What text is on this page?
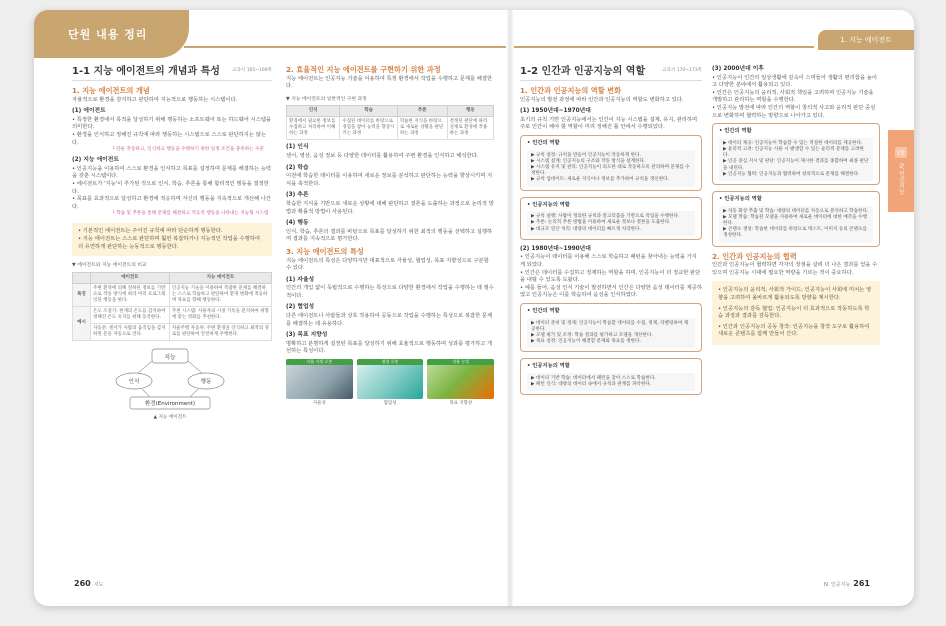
단원 내용 정리	1. 지능 에이전트
I장
IV 인공지능
1-1 지능 에이전트의 개념과 특성	교과서 165~169쪽
1. 지능 에이전트의 개념
자율적으로 환경을 감지하고 판단하여 지능적으로 행동하는 시스템이다.
(1) 에이전트
• 특정한 환경에서 목적을 달성하기 위해 행동하는 소프트웨어 또는 하드웨어 시스템을 의미한다.
• 환경을 인식하고 정해진 규칙에 따라 행동하는 시스템으로 스스로 판단하지는 않는다.
└ 단순 작동하고, 인식하고 행동을 수행하기 위한 일정 조건을 충족하는 수준
(2) 지능 에이전트
• 인공지능을 이용하여 스스로 환경을 인식하고 목표를 설정하며 문제를 해결하는 능력을 갖춘 시스템이다.
• 에이전트가 '지능'이 추가된 것으로 인식, 학습, 추론을 통해 합리적인 행동을 결정한다.
• 목표를 효과적으로 달성하고 환경에 적응하며 자신의 행동을 지속적으로 개선해 나간다.
└ 학습 및 추론을 통해 문제를 해결하고 적응적 행동을 나타내는 지능형 시스템
• 기본적인 에이전트는 주어진 규칙에 따라 단순하게 행동한다.
• 지능 에이전트는 스스로 판단하며 훨씬 복잡하거나 지능적인 작업을 수행하여 더 유연하게 판단하는 능동적으로 행동한다.
▼ 에이전트와 지능 에이전트의 비교
	에이전트	지능 에이전트
특징	주변 환경에 의해 전하된 정보를 기반으로 작동 방식에 따라 미리 프로그래밍된 행동을 한다.	인공지능 기술을 이용하여 복잡한 문제를 해결하는 스스로 학습하고 판단하여 환경 변화에 적응하며 목표를 향해 행동한다.
예시	온도 조절기: 현재의 온도를 감지하여 정해진 온도 유지를 위해 동작한다.	추천 시스템: 사용자의 시청 기록을 분석하여 취향에 맞는 영화를 추천한다.
	자동문: 센서가 사람의 움직임을 감지하면 문을 자동으로 연다.	자율주행 자동차: 주변 환경을 인식하고 최적의 경로를 판단하여 안전하게 주행한다.
지능
인식	행동
환경(Environment)
▲ 지능 에이전트
2. 효율적인 지능 에이전트를 구현하기 위한 과정
지능 에이전트는 인공지능 기술을 이용하여 특정 환경에서 작업을 수행하고 문제를 해결한다.
▼ 지능 에이전트의 일반적인 구현 과정
인식	학습	추론	행동
환경에서 필요한 정보를 수집하고 처리하여 이해하는 과정	수집된 데이터를 바탕으로 경험을 쌓아 능력을 향상시키는 과정	학습한 지식을 바탕으로 새로운 상황을 판단하는 과정	결정된 판단에 따라 실제로 환경에 작용하는 과정
(1) 인식
센서, 영상, 음성 정보 등 다양한 데이터를 활용하여 주변 환경을 인식하고 해석한다.
(2) 학습
이전에 학습한 데이터를 이용하여 새로운 정보를 분석하고 판단하는 능력을 향상시키며 지식을 축적한다.
(3) 추론
학습한 지식을 기반으로 새로운 상황에 대해 판단하고 결론을 도출하는 과정으로 논리적 방법과 확률적 방법이 사용된다.
(4) 행동
인식, 학습, 추론의 결과를 바탕으로 목표를 달성하기 위한 최적의 행동을 선택하고 실행하며 결과를 지속적으로 평가한다.
3. 지능 에이전트의 특성
지능 에이전트의 특성은 다양하지만 대표적으로 자율성, 협업성, 목표 지향성으로 구분할 수 있다.
(1) 자율성
인간의 개입 없이 독립적으로 수행하는 특성으로 다양한 환경에서 작업을 수행하는 데 필수적이다.
(2) 협업성
다른 에이전트나 사람들과 상호 작용하여 공동으로 작업을 수행하는 특성으로 복잡한 문제를 해결하는 데 유용하다.
(3) 목표 지향성
명확하고 분명하게 설정된 목표를 달성하기 위해 효율적으로 행동하며 성과를 평가하고 개선하는 특성이다.
자율 서빙 로봇
자율성
협업 로봇
협업성
자율 농업
목표 지향성
1-2 인간과 인공지능의 역할	교과서 170~173쪽
1. 인간과 인공지능의 역할 변화
인공지능의 발전 과정에 따라 인간과 인공지능의 역할도 변화하고 있다.
(1) 1950년대~1970년대
초기의 규칙 기반 인공지능에서는 인간이 지능 시스템을 설계, 유지, 관리하며 주로 인간이 해야 할 역할이 미리 정해진 틀 안에서 수행되었다.
• 인간의 역할
▶ 규칙 설정: 규칙을 만들어 인공지능이 작동하게 한다.
▶ 시스템 설계: 인공지능의 구조와 작동 방식을 설계한다.
▶ 시스템 유지 및 관리: 인공지능이 의도한 대로 작동하도록 관리하며 문제를 수정한다.
▶ 규칙 업데이트: 새로운 지식이나 정보를 추가하여 규칙을 갱신한다.
• 인공지능의 역할
▶ 규칙 실행: 사람이 정의한 규칙과 알고리즘을 기반으로 작업을 수행한다.
▶ 추론: 논리적 추론 방법을 이용하여 새로운 정보나 결론을 도출한다.
▶ 대규모 연산 처리: 대량의 데이터를 빠르게 처리한다.
(2) 1980년대~1990년대
• 인공지능이 데이터를 이용해 스스로 학습하고 패턴을 찾아내는 능력을 가지게 되었다.
• 인간은 데이터를 수집하고 정제하는 역할을 하며, 인공지능이 더 정교한 판단을 내릴 수 있도록 도왔다.
• 예를 들어, 음성 인식 기술이 발전하면서 인간은 다양한 음성 데이터를 제공하였고 인공지능은 이를 학습하여 음성을 인식하였다.
• 인간의 역할
▶ 데이터 준비 및 정제: 인공지능이 학습할 데이터를 수집, 정제, 라벨링하여 제공한다.
▶ 모델 평가 및 조정: 학습 결과를 평가하고 모델을 개선한다.
▶ 목표 설정: 인공지능이 해결할 문제와 목표를 정한다.
• 인공지능의 역할
▶ 데이터 기반 학습: 데이터에서 패턴을 찾아 스스로 학습한다.
▶ 패턴 인식: 대량의 데이터 속에서 규칙과 관계를 파악한다.
(3) 2000년대 이후
• 인공지능이 인간의 일상생활에 깊숙이 스며들어 생활의 편리함을 높이고 다양한 분야에서 활용되고 있다.
• 인간은 인공지능의 윤리적, 사회적 책임을 고려하며 인공지능 기술을 개발하고 관리하는 역할을 수행한다.
• 인공지능 발전에 따라 인간의 역할이 창의적 사고와 윤리적 판단 중심으로 변화하며 협력하는 방향으로 나아가고 있다.
• 인간의 역할
▶ 데이터 제공: 인공지능이 학습할 수 있는 적절한 데이터를 제공한다.
▶ 윤리적 고려: 인공지능 사용 시 발생할 수 있는 윤리적 문제를 고려한다.
▶ 인공 중심 지시 및 판단: 인공지능이 제시한 결과를 종합하여 최종 판단을 내린다.
▶ 인공지능 협력: 인공지능과 협력하여 창의적으로 문제를 해결한다.
• 인공지능의 역할
▶ 자동 화상 추출 및 학습: 대량의 데이터를 자동으로 분석하고 학습한다.
▶ 모델 학습: 학습된 모델을 사용하여 새로운 데이터에 대한 예측을 수행한다.
▶ 콘텐츠 생성: 학습한 데이터를 바탕으로 텍스트, 이미지 등의 콘텐츠를 생성한다.
2. 인간과 인공지능의 협력
인간과 인공지능이 협력하면 각자의 장점을 살려 더 나은 결과를 얻을 수 있으며 인공지능 시대에 필요한 역량을 기르는 것이 중요하다.
• 인공지능의 윤리적, 사회적 가이드: 인공지능이 사회에 미치는 영향을 고려하여 올바르게 활용되도록 방향을 제시한다.
• 인공지능의 감독 협업: 인공지능이 더 효과적으로 작동하도록 학습 과정과 결과를 감독한다.
• 인간과 인공지능의 공동 창작: 인공지능을 창작 도구로 활용하여 새로운 콘텐츠를 함께 만들어 간다.
260 지도	IV. 인공지능 261
